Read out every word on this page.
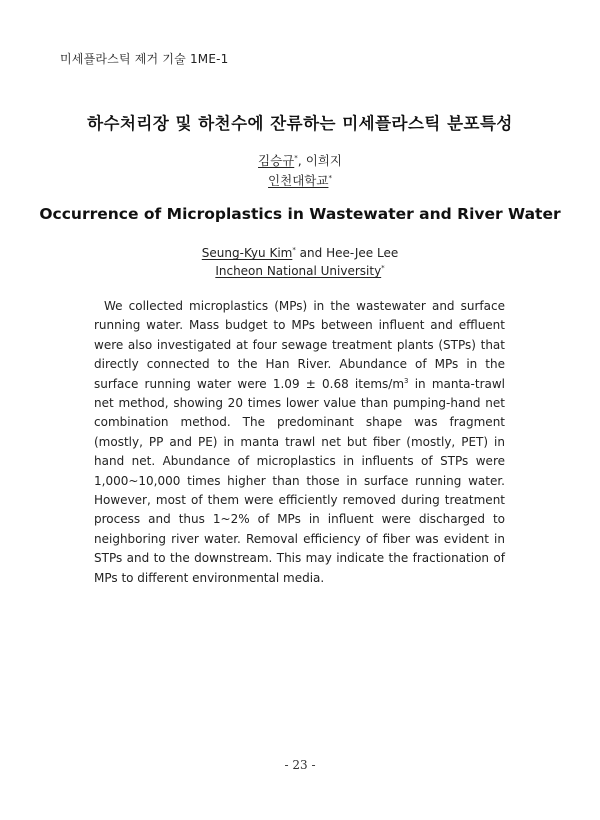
미세플라스틱 제거 기술 1ME-1
하수처리장 및 하천수에 잔류하는 미세플라스틱 분포특성
김승규*, 이희지
인천대학교*
Occurrence of Microplastics in Wastewater and River Water
Seung-Kyu Kim* and Hee-Jee Lee
Incheon National University*

We collected microplastics (MPs) in the wastewater and surface running water. Mass budget to MPs between influent and effluent were also investigated at four sewage treatment plants (STPs) that directly connected to the Han River. Abundance of MPs in the surface running water were 1.09 ± 0.68 items/$m^3$ in manta-trawl net method, showing 20 times lower value than pumping-hand net combination method. The predominant shape was fragment (mostly, PP and PE) in manta trawl net but fiber (mostly, PET) in hand net. Abundance of microplastics in influents of STPs were 1,000~10,000 times higher than those in surface running water. However, most of them were efficiently removed during treatment process and thus 1~2% of MPs in influent were discharged to neighboring river water. Removal efficiency of fiber was evident in STPs and to the downstream. This may indicate the fractionation of MPs to different environmental media.

- 23 -
